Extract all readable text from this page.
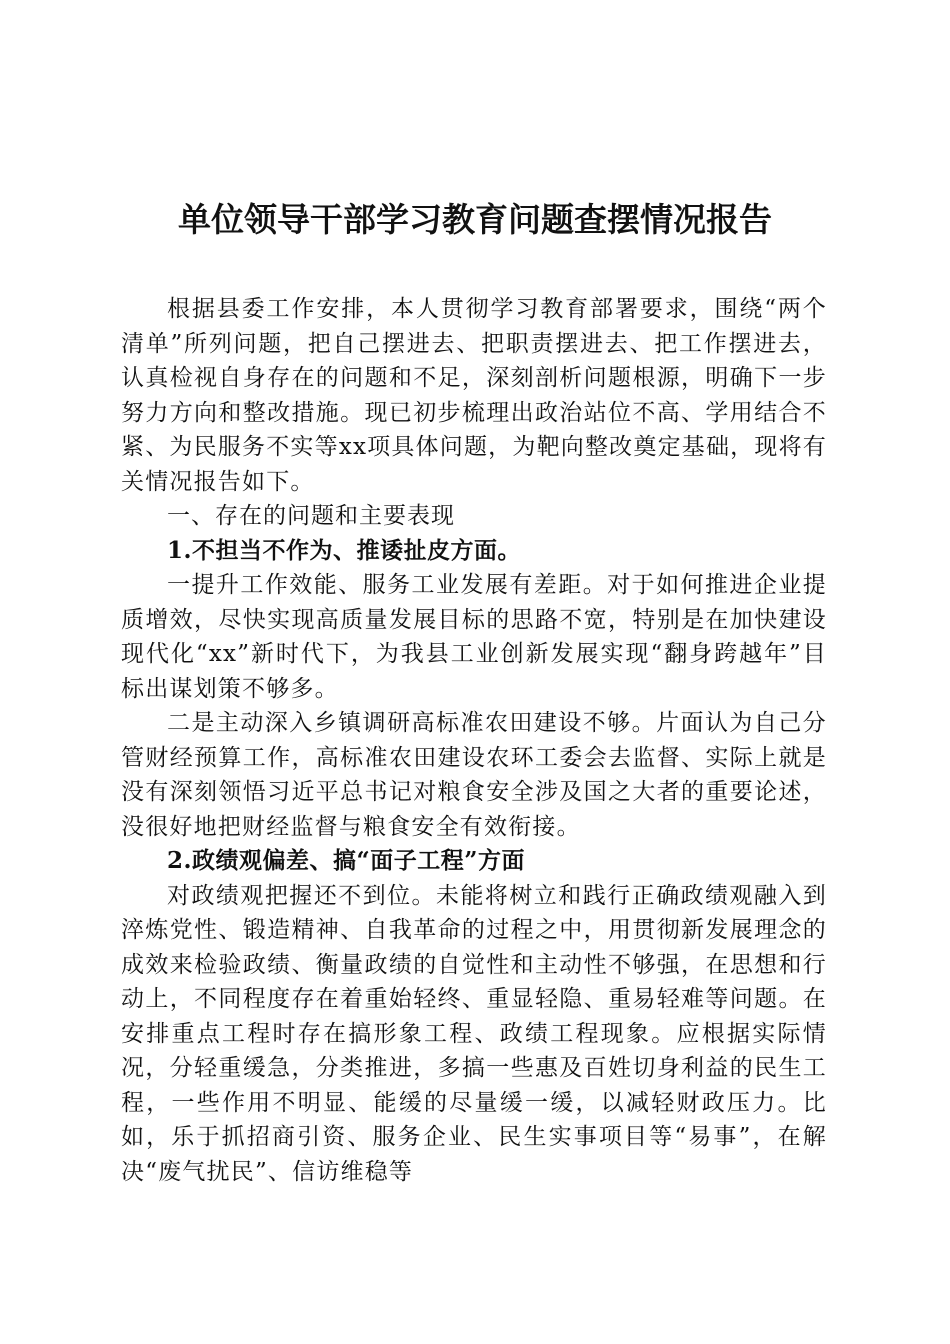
单位领导干部学习教育问题查摆情况报告

根据县委工作安排，本人贯彻学习教育部署要求，围绕“两个清单”所列问题，把自己摆进去、把职责摆进去、把工作摆进去，认真检视自身存在的问题和不足，深刻剖析问题根源，明确下一步努力方向和整改措施。现已初步梳理出政治站位不高、学用结合不紧、为民服务不实等xx项具体问题，为靶向整改奠定基础，现将有关情况报告如下。

一、存在的问题和主要表现

1.不担当不作为、推诿扯皮方面。

一提升工作效能、服务工业发展有差距。对于如何推进企业提质增效，尽快实现高质量发展目标的思路不宽，特别是在加快建设现代化“xx”新时代下，为我县工业创新发展实现“翻身跨越年”目标出谋划策不够多。

二是主动深入乡镇调研高标准农田建设不够。片面认为自己分管财经预算工作，高标准农田建设农环工委会去监督、实际上就是没有深刻领悟习近平总书记对粮食安全涉及国之大者的重要论述，没很好地把财经监督与粮食安全有效衔接。

2.政绩观偏差、搞“面子工程”方面

对政绩观把握还不到位。未能将树立和践行正确政绩观融入到淬炼党性、锻造精神、自我革命的过程之中，用贯彻新发展理念的成效来检验政绩、衡量政绩的自觉性和主动性不够强，在思想和行动上，不同程度存在着重始轻终、重显轻隐、重易轻难等问题。在安排重点工程时存在搞形象工程、政绩工程现象。应根据实际情况，分轻重缓急，分类推进，多搞一些惠及百姓切身利益的民生工程，一些作用不明显、能缓的尽量缓一缓，以减轻财政压力。比如，乐于抓招商引资、服务企业、民生实事项目等“易事”，在解决“废气扰民”、信访维稳等
